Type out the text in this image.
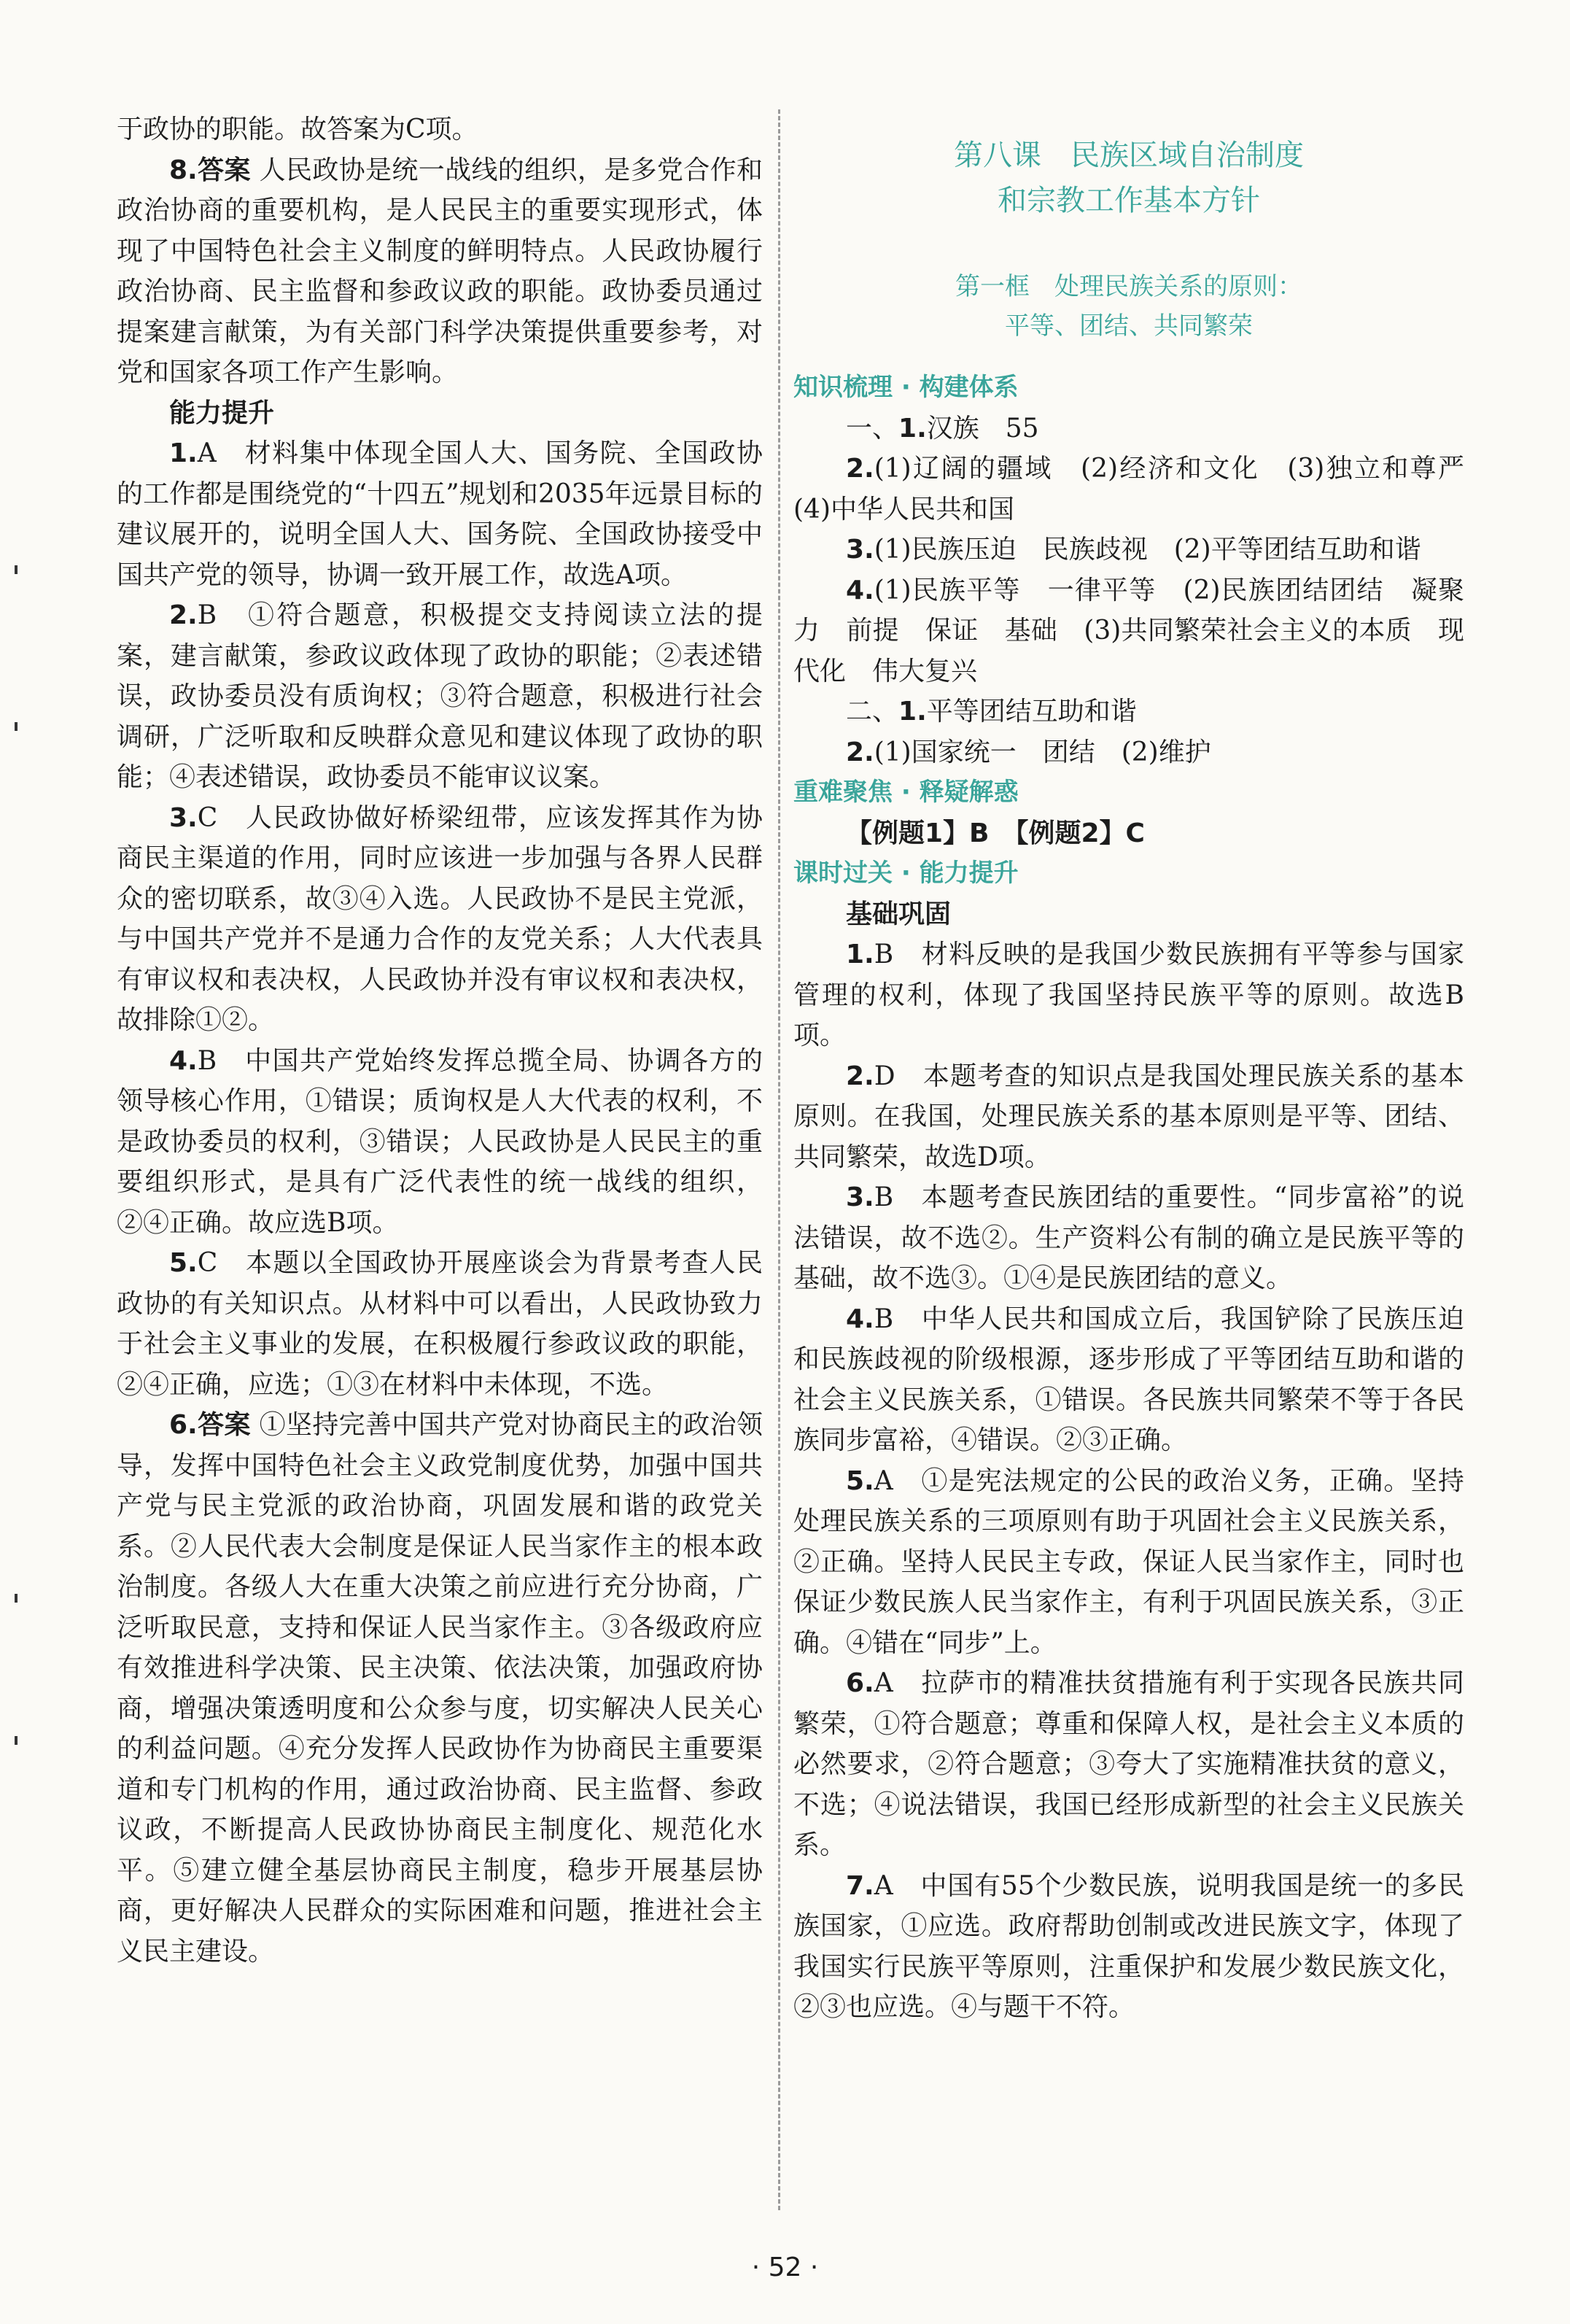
于政协的职能。故答案为C项。

8.答案 人民政协是统一战线的组织，是多党合作和政治协商的重要机构，是人民民主的重要实现形式，体现了中国特色社会主义制度的鲜明特点。人民政协履行政治协商、民主监督和参政议政的职能。政协委员通过提案建言献策，为有关部门科学决策提供重要参考，对党和国家各项工作产生影响。

能力提升

1.A　材料集中体现全国人大、国务院、全国政协的工作都是围绕党的“十四五”规划和2035年远景目标的建议展开的，说明全国人大、国务院、全国政协接受中国共产党的领导，协调一致开展工作，故选A项。

2.B　①符合题意，积极提交支持阅读立法的提案，建言献策，参政议政体现了政协的职能；②表述错误，政协委员没有质询权；③符合题意，积极进行社会调研，广泛听取和反映群众意见和建议体现了政协的职能；④表述错误，政协委员不能审议议案。

3.C　人民政协做好桥梁纽带，应该发挥其作为协商民主渠道的作用，同时应该进一步加强与各界人民群众的密切联系，故③④入选。人民政协不是民主党派，与中国共产党并不是通力合作的友党关系；人大代表具有审议权和表决权，人民政协并没有审议权和表决权，故排除①②。

4.B　中国共产党始终发挥总揽全局、协调各方的领导核心作用，①错误；质询权是人大代表的权利，不是政协委员的权利，③错误；人民政协是人民民主的重要组织形式，是具有广泛代表性的统一战线的组织，②④正确。故应选B项。

5.C　本题以全国政协开展座谈会为背景考查人民政协的有关知识点。从材料中可以看出，人民政协致力于社会主义事业的发展，在积极履行参政议政的职能，②④正确，应选；①③在材料中未体现，不选。

6.答案 ①坚持完善中国共产党对协商民主的政治领导，发挥中国特色社会主义政党制度优势，加强中国共产党与民主党派的政治协商，巩固发展和谐的政党关系。②人民代表大会制度是保证人民当家作主的根本政治制度。各级人大在重大决策之前应进行充分协商，广泛听取民意，支持和保证人民当家作主。③各级政府应有效推进科学决策、民主决策、依法决策，加强政府协商，增强决策透明度和公众参与度，切实解决人民关心的利益问题。④充分发挥人民政协作为协商民主重要渠道和专门机构的作用，通过政治协商、民主监督、参政议政，不断提高人民政协协商民主制度化、规范化水平。⑤建立健全基层协商民主制度，稳步开展基层协商，更好解决人民群众的实际困难和问题，推进社会主义民主建设。

第八课　民族区域自治制度
和宗教工作基本方针
第一框　处理民族关系的原则：
平等、团结、共同繁荣

知识梳理 · 构建体系

一、1.汉族　55

2.(1)辽阔的疆域　(2)经济和文化　(3)独立和尊严　(4)中华人民共和国

3.(1)民族压迫　民族歧视　(2)平等团结互助和谐

4.(1)民族平等　一律平等　(2)民族团结团结　凝聚力　前提　保证　基础　(3)共同繁荣社会主义的本质　现代化　伟大复兴

二、1.平等团结互助和谐

2.(1)国家统一　团结　(2)维护

重难聚焦 · 释疑解惑

【例题1】B　【例题2】C

课时过关 · 能力提升

基础巩固

1.B　材料反映的是我国少数民族拥有平等参与国家管理的权利，体现了我国坚持民族平等的原则。故选B项。

2.D　本题考查的知识点是我国处理民族关系的基本原则。在我国，处理民族关系的基本原则是平等、团结、共同繁荣，故选D项。

3.B　本题考查民族团结的重要性。“同步富裕”的说法错误，故不选②。生产资料公有制的确立是民族平等的基础，故不选③。①④是民族团结的意义。

4.B　中华人民共和国成立后，我国铲除了民族压迫和民族歧视的阶级根源，逐步形成了平等团结互助和谐的社会主义民族关系，①错误。各民族共同繁荣不等于各民族同步富裕，④错误。②③正确。

5.A　①是宪法规定的公民的政治义务，正确。坚持处理民族关系的三项原则有助于巩固社会主义民族关系，②正确。坚持人民民主专政，保证人民当家作主，同时也保证少数民族人民当家作主，有利于巩固民族关系，③正确。④错在“同步”上。

6.A　拉萨市的精准扶贫措施有利于实现各民族共同繁荣，①符合题意；尊重和保障人权，是社会主义本质的必然要求，②符合题意；③夸大了实施精准扶贫的意义，不选；④说法错误，我国已经形成新型的社会主义民族关系。

7.A　中国有55个少数民族，说明我国是统一的多民族国家，①应选。政府帮助创制或改进民族文字，体现了我国实行民族平等原则，注重保护和发展少数民族文化，②③也应选。④与题干不符。

· 52 ·
